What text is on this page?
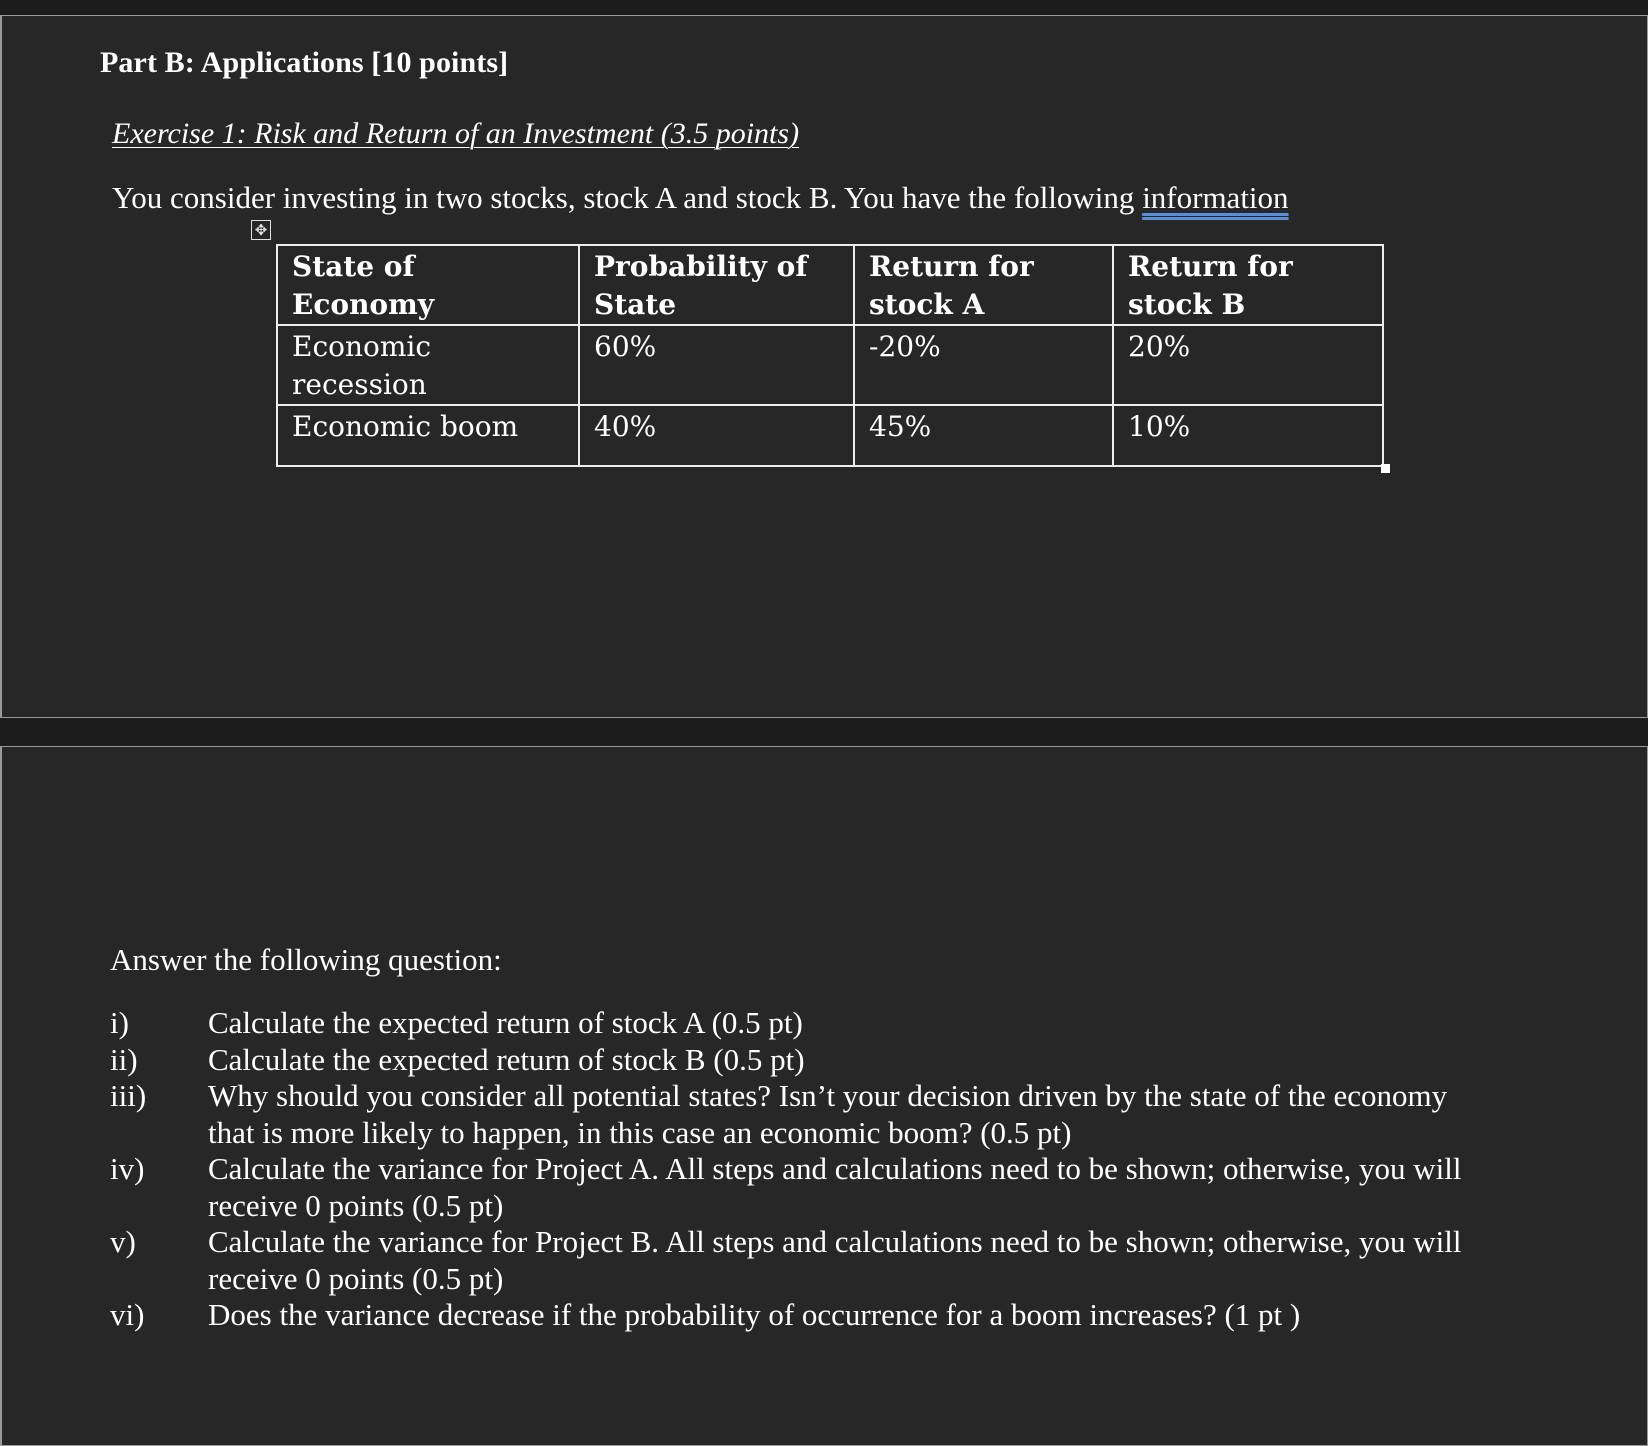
Part B: Applications [10 points]
Exercise 1: Risk and Return of an Investment (3.5 points)
You consider investing in two stocks, stock A and stock B. You have the following information
✥
State of Economy	Probability of State	Return for stock A	Return for stock B
Economic recession	60%	-20%	20%
Economic boom	40%	45%	10%
Answer the following question:
i)	Calculate the expected return of stock A (0.5 pt)
ii)	Calculate the expected return of stock B (0.5 pt)
iii)	Why should you consider all potential states? Isn’t your decision driven by the state of the economy that is more likely to happen, in this case an economic boom? (0.5 pt)
iv)	Calculate the variance for Project A. All steps and calculations need to be shown; otherwise, you will receive 0 points (0.5 pt)
v)	Calculate the variance for Project B. All steps and calculations need to be shown; otherwise, you will receive 0 points (0.5 pt)
vi)	Does the variance decrease if the probability of occurrence for a boom increases? (1 pt )
